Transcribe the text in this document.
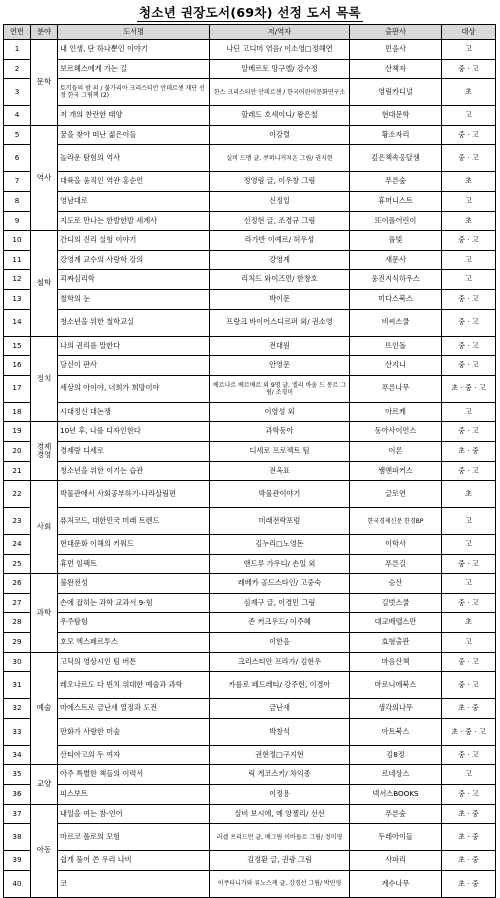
청소년 권장도서(69차) 선정 도서 목록
연번	분야	도서명	저/역자	출판사	대상
1	문학	내 인생, 단 하나뿐인 이야기	나딘 고디머 엮음/ 이소영□정해연	민음사	고
2		보르헤스에게 가는 길	알베르토 망구엘/ 강수정	산책자	중 · 고
3		토끼들의 밤 외 / 불가리아 크리스티안 안데르센 재단 선정 한국 그림책 (2)	한스 크리스티안 안데르센 / 한국어린이문화연구소	영림카디널	초
4		저 개의 찬란한 태양	할레드 호세이니/ 왕은철	현대문학	고
5	역사	꿈을 찾아 떠난 젊은이들	이강렬	황소자리	중 · 고
6		놀라운 탐험의 역사	실비 드맹 글, 쿠퍼니커지온 그림/ 권지현	깊은책속옹달샘	중 · 고
7		대륙을 움직인 역관 홍순언	정영림 글, 이우창 그림	푸른숲	초
8		영남대로	신정일	휴머니스트	고
9		지도로 만나는 한발한발 세계사	신정현 글, 조경규 그림	또이플어린이	초
10	철학	간디의 진리 실험 이야기	라가반 이예르/ 허우성	풀빛	중 · 고
11		강영계 교수의 사랑학 강의	강영계	새문사	고
12		괴짜심리학	리처드 와이즈먼/ 한창호	웅진지식하우스	고
13		철학의 눈	박이문	미다스북스	중 · 고
14		청소년을 위한 철학교실	프랑크 바이어스디르퍼 외/ 권소영	비씨스쿨	중 · 고
15	정치	나의 권리를 말한다	전대원	뜨인돌	중 · 고
16		당신이 판사	안영문	산지니	중 · 고
17		세상의 아이야, 너희가 희망이야	베르나르 베르베르 외 9명 글, 엘리 바솔 드 몽르 그림/ 조경미	푸른나무	초 · 중 · 고
18		시대정신 대논쟁	이영성 외	아르케	고
19	경제 경영	10년 후, 나를 디자인한다	과학동아	동아사이언스	중 · 고
20		경제랑 디세로	디세로 프로젝트 팀	이론	초 · 중
21		청소년을 위한 이기는 습관	전옥표	쌤앤파커스	중 · 고
22	사회	박물관에서 사회공부하기-나라살림편	박물관이야기	글로연	초
23		퓨처코드, 대한민국 미래 트렌드	미래전략포럼	한국경제신문 한경BP	고
24		현대문화 이해의 키워드	김누리□노영돈	이학사	고
25		휴먼 임팩트	앤드루 가우디/ 손일 외	푸른길	중 · 고
26	과학	불완전성	레베카 골드스타인/ 고중숙	승산	고
27		손에 잡히는 과학 교과서 9-힘	심재구 글, 이경민 그림	길벗스쿨	중 · 고
28		우주탐험	존 커크우드/ 이주혜	대교베텔스만	초
29		호모 엑스페르투스	이한음	효형출판	고
30	예술	고딕의 영상시인 팀 버튼	크리스티안 프라가/ 김현우	마음산책	중 · 고
31		레오나르도 다 빈치 위대한 예술과 과학	카를로 페드레티/ 강주헌, 이경아	마로니에북스	중 · 고
32		마에스트로 금난새 열정과 도전	금난새	생각의나무	초 · 중
33		만화가 사랑한 미술	박창석	아트북스	초 · 중 · 고
34		산티아고의 두 여자	권현정□구지현	김8정	중 · 고
35	교양	아주 특별한 책들의 이력서	릭 게코스키/ 차익종	르네상스	고
36		피스보트	이정용	넥서스BOOKS	중 · 고
37	아동	내일을 여는 참-언어	실비 보시에, 메 앙젤리/ 선선	푸른숲	초 · 중
38		마르코 폴로의 모험	러셀 프리드먼 글, 배그림 이바돌르 그림/ 정미영	두레아이들	초 · 중
39		쉽게 풀어 쓴 우리 나비	김정환 글, 권광 그림	사파리	초 · 중
40		코	이쿠타니가와 류노스케 글, 강경선 그림/ 박민영	계수나무	초 · 중
